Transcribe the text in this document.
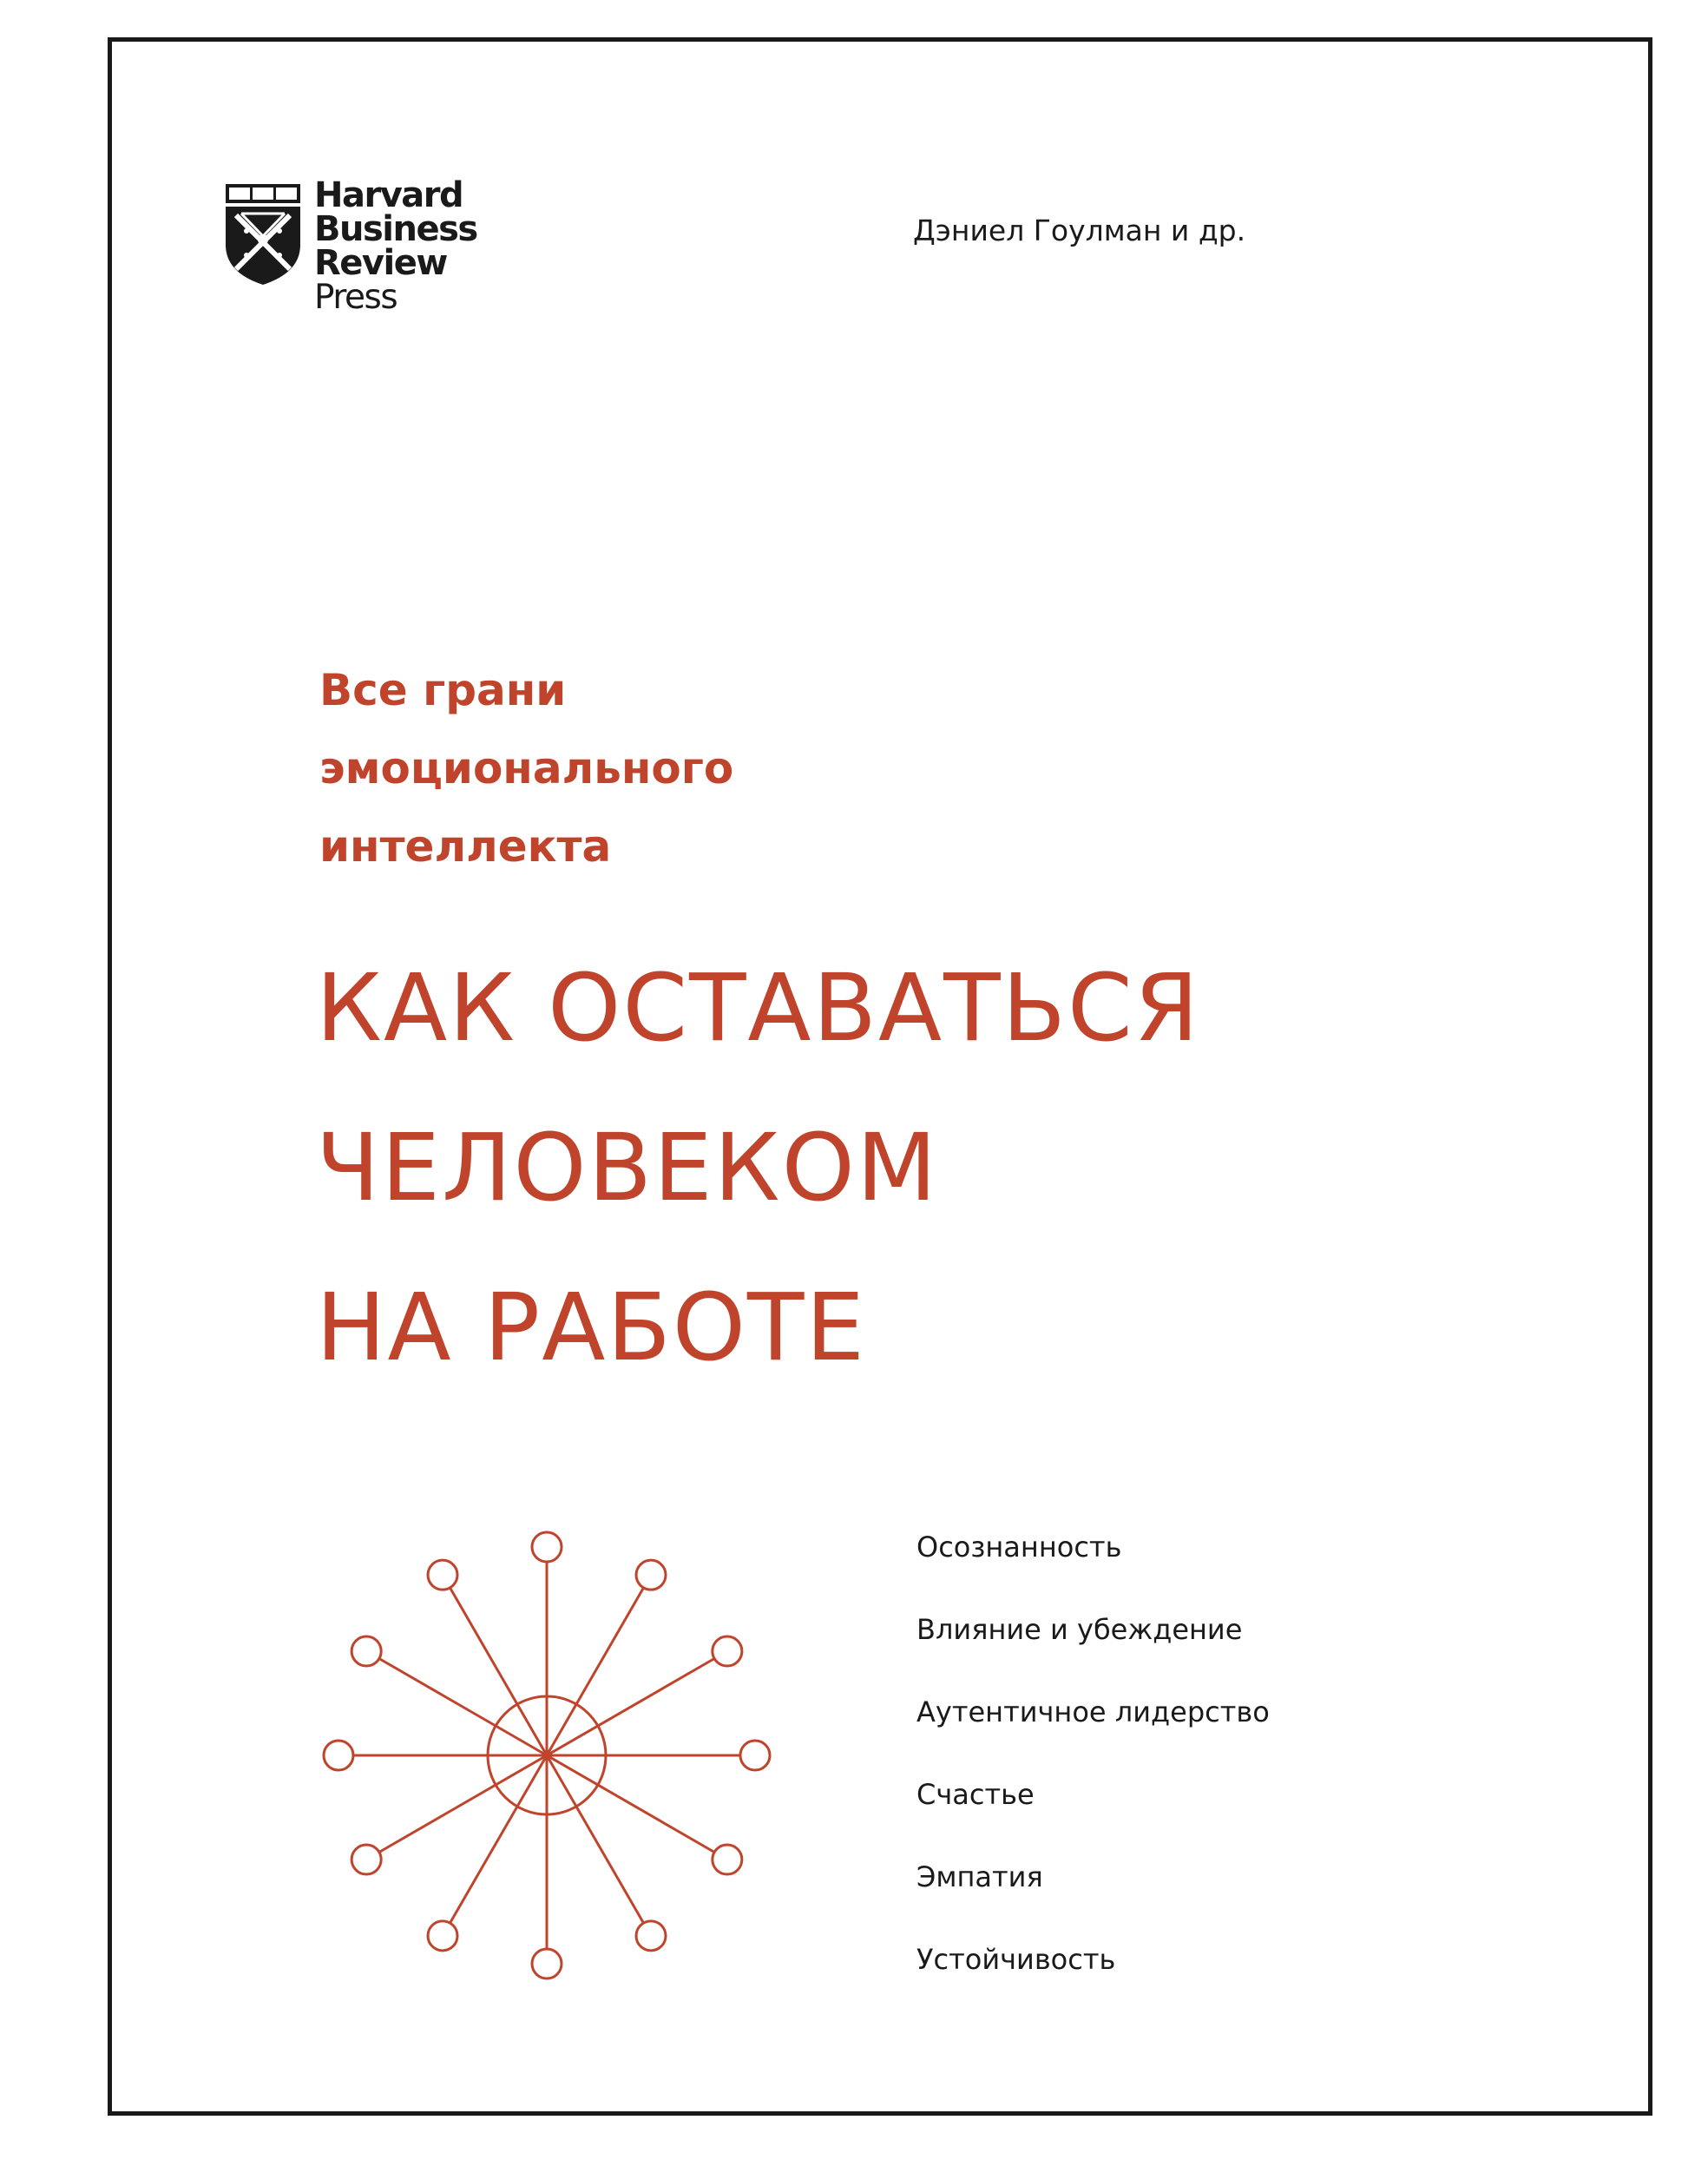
Harvard
Business
Review
Press
Дэниел Гоулман и др.
Все грани
эмоционального
интеллекта
КАК ОСТАВАТЬСЯ
ЧЕЛОВЕКОМ
НА РАБОТЕ
Осознанность
Влияние и убеждение
Аутентичное лидерство
Счастье
Эмпатия
Устойчивость
